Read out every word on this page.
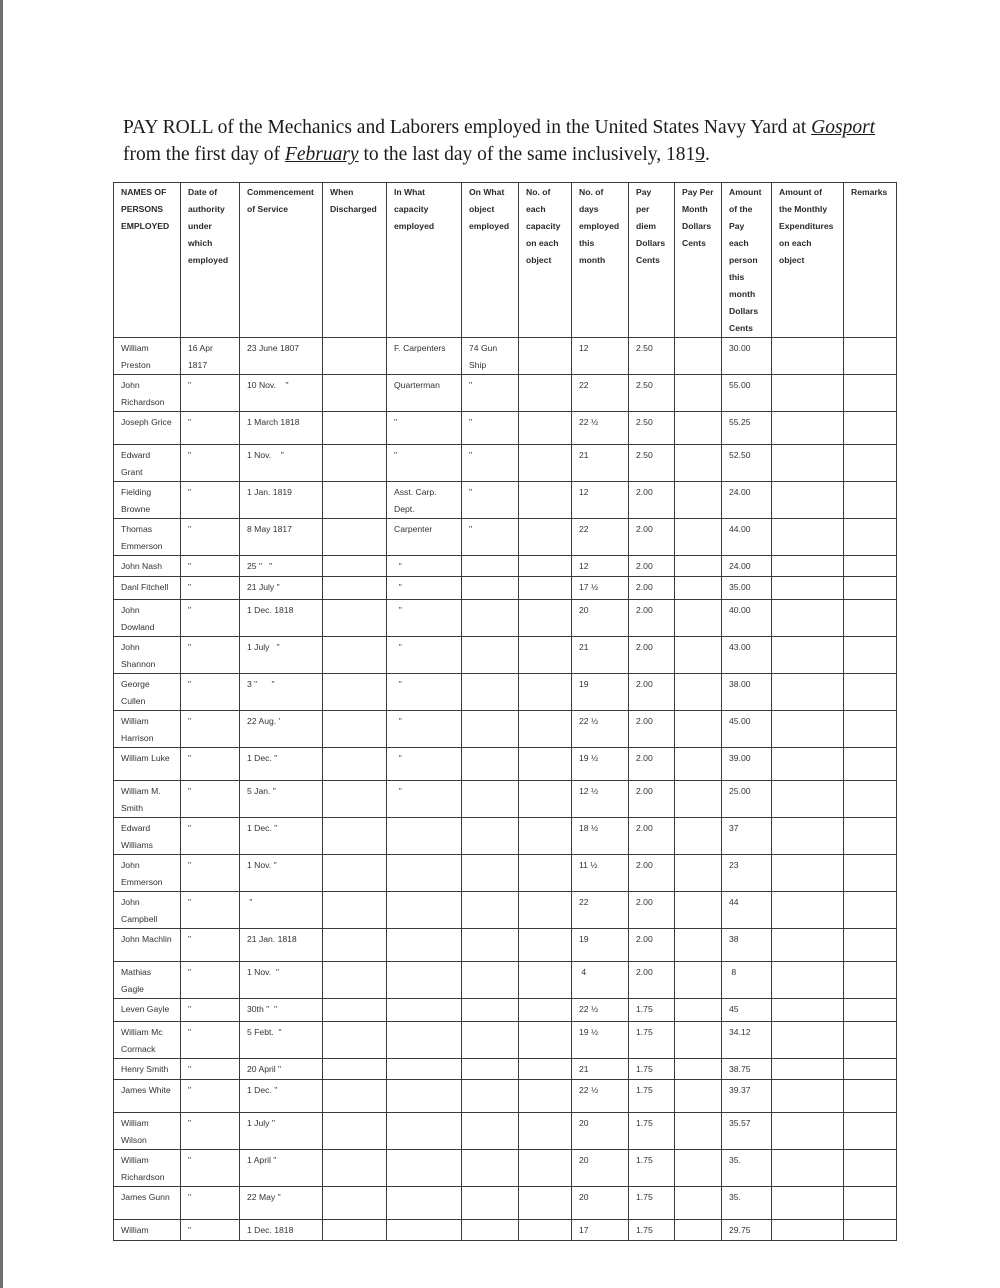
PAY ROLL of the Mechanics and Laborers employed in the United States Navy Yard at Gosport
from the first day of February to the last day of the same inclusively, 1819.
NAMES OF PERSONS EMPLOYED	Date of authority under which employed	Commencement of Service	When Discharged	In What capacity employed	On What object employed	No. of each capacity on each object	No. of days employed this month	Pay per diem Dollars Cents	Pay Per Month Dollars Cents	Amount of the Pay each person this month Dollars Cents	Amount of the Monthly Expenditures on each object	Remarks
William Preston	16 Apr 1817	23 June 1807		F. Carpenters	74 Gun Ship		12	2.50		30.00		
John Richardson	"	10 Nov.    "		Quarterman	"		22	2.50		55.00		
Joseph Grice	"	1 March 1818		"	"		22 ½	2.50		55.25		
Edward Grant	"	1 Nov.    "		"	"		21	2.50		52.50		
Fielding Browne	"	1 Jan. 1819		Asst. Carp. Dept.	"		12	2.00		24.00		
Thomas Emmerson	"	8 May 1817		Carpenter	"		22	2.00		44.00		
John Nash	"	25 "   "		"			12	2.00		24.00		
Danl Fitchell	"	21 July "		"			17 ½	2.00		35.00		
John Dowland	"	1 Dec. 1818		"			20	2.00		40.00		
John Shannon	"	1 July   "		"			21	2.00		43.00		
George Cullen	"	3 "      "		"			19	2.00		38.00		
William Harrison	"	22 Aug. '		"			22 ½	2.00		45.00		
William Luke	"	1 Dec. "		"			19 ½	2.00		39.00		
William M. Smith	"	5 Jan. "		"			12 ½	2.00		25.00		
Edward Williams	"	1 Dec. "					18 ½	2.00		37		
John Emmerson	"	1 Nov. "					11 ½	2.00		23		
John Campbell	"	"					22	2.00		44		
John Machlin	"	21 Jan. 1818					19	2.00		38		
Mathias Gagle	"	1 Nov.  "					4	2.00		8		
Leven Gayle	"	30th "  "					22 ½	1.75		45		
William Mc Cormack	"	5 Febt.  "					19 ½	1.75		34.12		
Henry Smith	"	20 April "					21	1.75		38.75		
James White	"	1 Dec. "					22 ½	1.75		39.37		
William Wilson	"	1 July "					20	1.75		35.57		
William Richardson	"	1 April "					20	1.75		35.		
James Gunn	"	22 May "					20	1.75		35.		
William	"	1 Dec. 1818					17	1.75		29.75		
